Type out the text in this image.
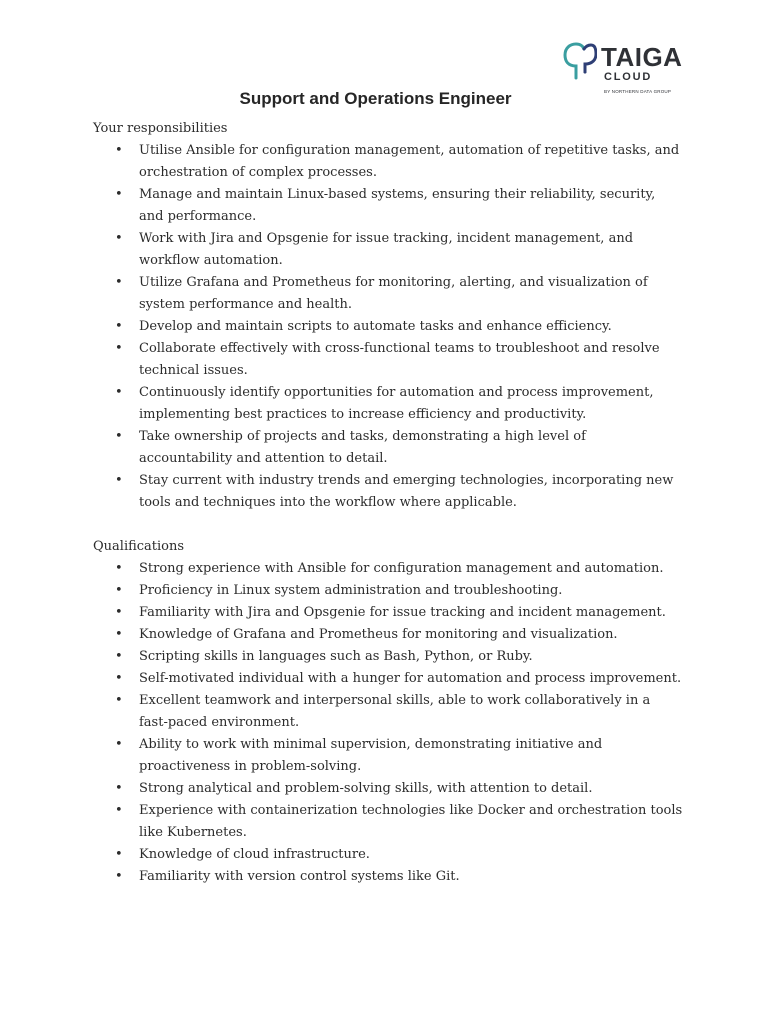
TAIGA
CLOUD
BY NORTHERN DATA GROUP
Support and Operations Engineer
Your responsibilities
• Utilise Ansible for configuration management, automation of repetitive tasks, and orchestration of complex processes.
• Manage and maintain Linux-based systems, ensuring their reliability, security, and performance.
• Work with Jira and Opsgenie for issue tracking, incident management, and workflow automation.
• Utilize Grafana and Prometheus for monitoring, alerting, and visualization of system performance and health.
• Develop and maintain scripts to automate tasks and enhance efficiency.
• Collaborate effectively with cross-functional teams to troubleshoot and resolve technical issues.
• Continuously identify opportunities for automation and process improvement, implementing best practices to increase efficiency and productivity.
• Take ownership of projects and tasks, demonstrating a high level of accountability and attention to detail.
• Stay current with industry trends and emerging technologies, incorporating new tools and techniques into the workflow where applicable.
Qualifications
• Strong experience with Ansible for configuration management and automation.
• Proficiency in Linux system administration and troubleshooting.
• Familiarity with Jira and Opsgenie for issue tracking and incident management.
• Knowledge of Grafana and Prometheus for monitoring and visualization.
• Scripting skills in languages such as Bash, Python, or Ruby.
• Self-motivated individual with a hunger for automation and process improvement.
• Excellent teamwork and interpersonal skills, able to work collaboratively in a fast-paced environment.
• Ability to work with minimal supervision, demonstrating initiative and proactiveness in problem-solving.
• Strong analytical and problem-solving skills, with attention to detail.
• Experience with containerization technologies like Docker and orchestration tools like Kubernetes.
• Knowledge of cloud infrastructure.
• Familiarity with version control systems like Git.
